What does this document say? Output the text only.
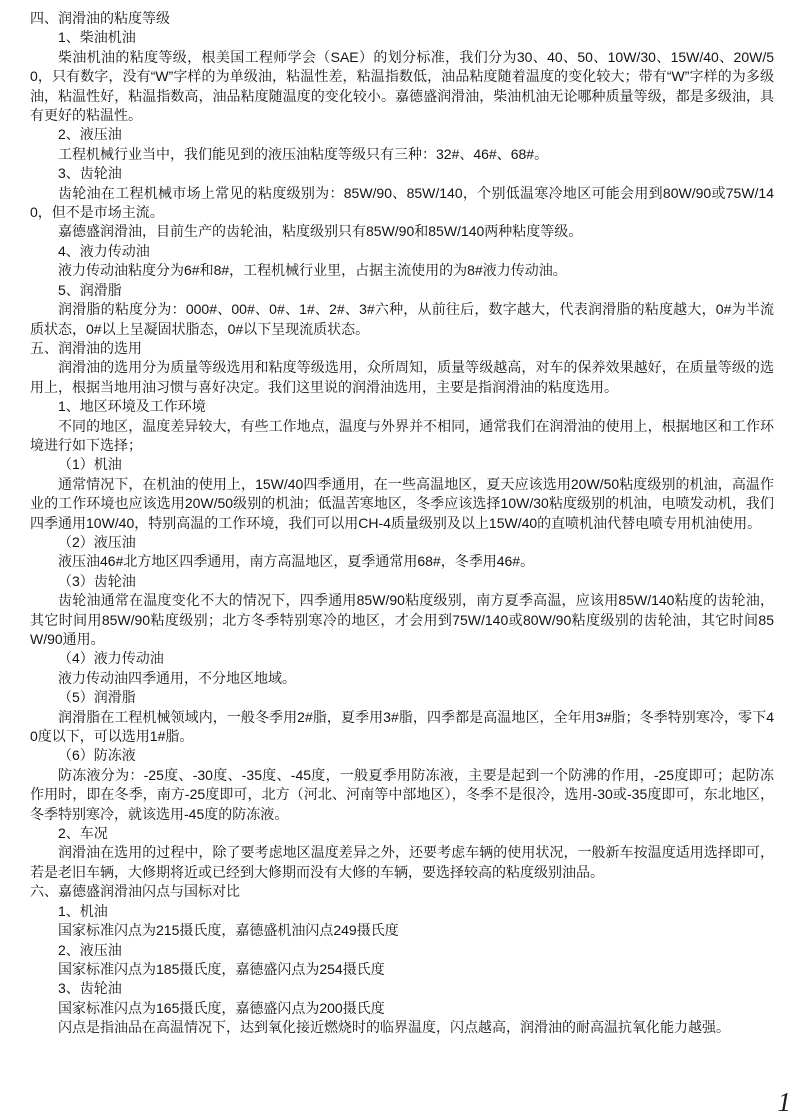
四、润滑油的粘度等级
1、柴油机油
柴油机油的粘度等级，根美国工程师学会（SAE）的划分标准，我们分为30、40、50、10W/30、15W/40、20W/50，只有数字，没有“W”字样的为单级油，粘温性差，粘温指数低，油品粘度随着温度的变化较大；带有“W”字样的为多级油，粘温性好，粘温指数高，油品粘度随温度的变化较小。嘉德盛润滑油，柴油机油无论哪种质量等级，都是多级油，具有更好的粘温性。
2、液压油
工程机械行业当中，我们能见到的液压油粘度等级只有三种：32#、46#、68#。
3、齿轮油
齿轮油在工程机械市场上常见的粘度级别为：85W/90、85W/140，个别低温寒冷地区可能会用到80W/90或75W/140，但不是市场主流。
嘉德盛润滑油，目前生产的齿轮油，粘度级别只有85W/90和85W/140两种粘度等级。
4、液力传动油
液力传动油粘度分为6#和8#，工程机械行业里，占据主流使用的为8#液力传动油。
5、润滑脂
润滑脂的粘度分为：000#、00#、0#、1#、2#、3#六种，从前往后，数字越大，代表润滑脂的粘度越大，0#为半流质状态，0#以上呈凝固状脂态，0#以下呈现流质状态。
五、润滑油的选用
润滑油的选用分为质量等级选用和粘度等级选用，众所周知，质量等级越高，对车的保养效果越好，在质量等级的选用上，根据当地用油习惯与喜好决定。我们这里说的润滑油选用，主要是指润滑油的粘度选用。
1、地区环境及工作环境
不同的地区，温度差异较大，有些工作地点，温度与外界并不相同，通常我们在润滑油的使用上，根据地区和工作环境进行如下选择；
（1）机油
通常情况下，在机油的使用上，15W/40四季通用，在一些高温地区，夏天应该选用20W/50粘度级别的机油，高温作业的工作环境也应该选用20W/50级别的机油；低温苦寒地区，冬季应该选择10W/30粘度级别的机油，电喷发动机，我们四季通用10W/40，特别高温的工作环境，我们可以用CH-4质量级别及以上15W/40的直喷机油代替电喷专用机油使用。
（2）液压油
液压油46#北方地区四季通用，南方高温地区，夏季通常用68#，冬季用46#。
（3）齿轮油
齿轮油通常在温度变化不大的情况下，四季通用85W/90粘度级别，南方夏季高温，应该用85W/140粘度的齿轮油，其它时间用85W/90粘度级别；北方冬季特别寒冷的地区，才会用到75W/140或80W/90粘度级别的齿轮油，其它时间85W/90通用。
（4）液力传动油
液力传动油四季通用，不分地区地域。
（5）润滑脂
润滑脂在工程机械领域内，一般冬季用2#脂，夏季用3#脂，四季都是高温地区，全年用3#脂；冬季特别寒冷，零下40度以下，可以选用1#脂。
（6）防冻液
防冻液分为：-25度、-30度、-35度、-45度，一般夏季用防冻液，主要是起到一个防沸的作用，-25度即可；起防冻作用时，即在冬季，南方-25度即可，北方（河北、河南等中部地区），冬季不是很冷，选用-30或-35度即可，东北地区，冬季特别寒冷，就该选用-45度的防冻液。
2、车况
润滑油在选用的过程中，除了要考虑地区温度差异之外，还要考虑车辆的使用状况，一般新车按温度适用选择即可，若是老旧车辆，大修期将近或已经到大修期而没有大修的车辆，要选择较高的粘度级别油品。
六、嘉德盛润滑油闪点与国标对比
1、机油
国家标准闪点为215摄氏度，嘉德盛机油闪点249摄氏度
2、液压油
国家标准闪点为185摄氏度，嘉德盛闪点为254摄氏度
3、齿轮油
国家标准闪点为165摄氏度，嘉德盛闪点为200摄氏度
闪点是指油品在高温情况下，达到氧化接近燃烧时的临界温度，闪点越高，润滑油的耐高温抗氧化能力越强。
1
